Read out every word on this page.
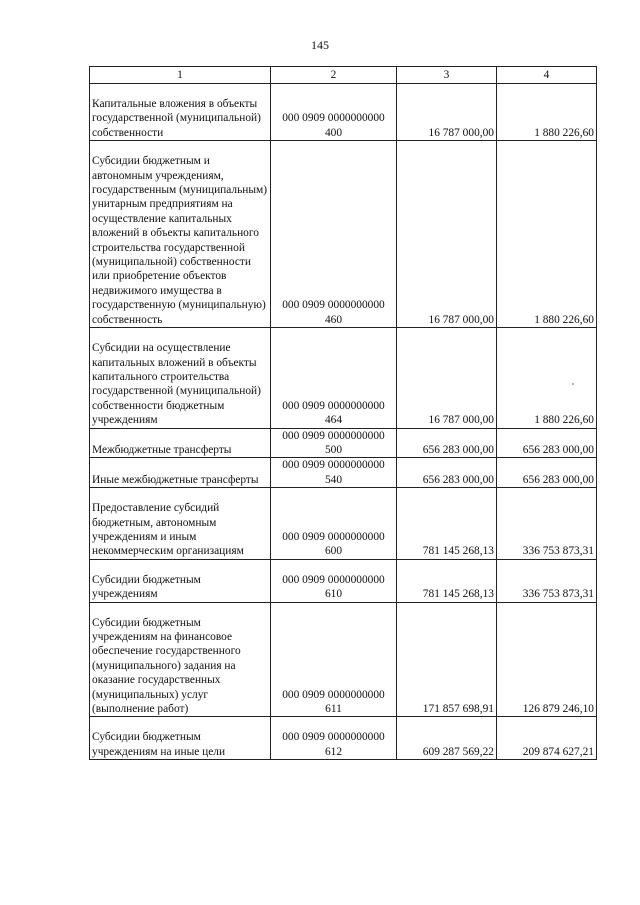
145
1	2	3	4

Капитальные вложения в объекты государственной (муниципальной) собственности	000 0909 0000000000 400	16 787 000,00	1 880 226,60

Субсидии бюджетным и автономным учреждениям, государственным (муниципальным) унитарным предприятиям на осуществление капитальных вложений в объекты капитального строительства государственной (муниципальной) собственности или приобретение объектов недвижимого имущества в государственную (муниципальную) собственность	000 0909 0000000000 460	16 787 000,00	1 880 226,60

Субсидии на осуществление капитальных вложений в объекты капитального строительства государственной (муниципальной) собственности бюджетным учреждениям	000 0909 0000000000 464	16 787 000,00	1 880 226,60

Межбюджетные трансферты	000 0909 0000000000 500	656 283 000,00	656 283 000,00

Иные межбюджетные трансферты	000 0909 0000000000 540	656 283 000,00	656 283 000,00

Предоставление субсидий бюджетным, автономным учреждениям и иным некоммерческим организациям	000 0909 0000000000 600	781 145 268,13	336 753 873,31

Субсидии бюджетным учреждениям	000 0909 0000000000 610	781 145 268,13	336 753 873,31

Субсидии бюджетным учреждениям на финансовое обеспечение государственного (муниципального) задания на оказание государственных (муниципальных) услуг (выполнение работ)	000 0909 0000000000 611	171 857 698,91	126 879 246,10

Субсидии бюджетным учреждениям на иные цели	000 0909 0000000000 612	609 287 569,22	209 874 627,21
